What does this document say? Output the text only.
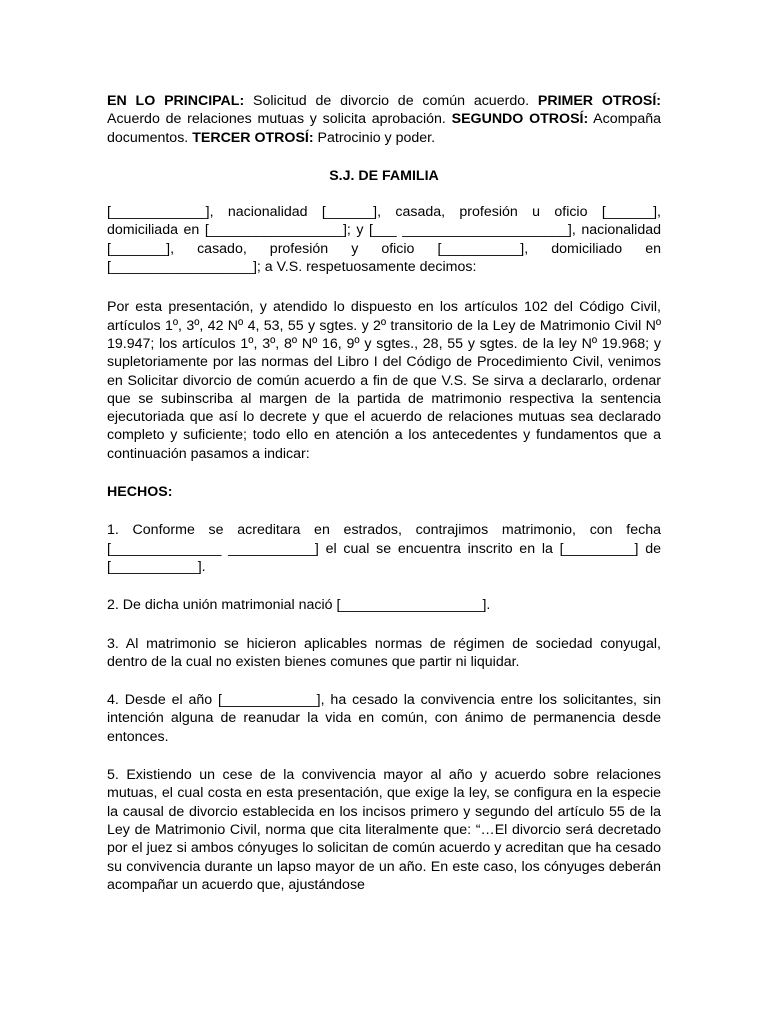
EN LO PRINCIPAL: Solicitud de divorcio de común acuerdo. PRIMER OTROSÍ: Acuerdo de relaciones mutuas y solicita aprobación. SEGUNDO OTROSÍ: Acompaña documentos. TERCER OTROSÍ: Patrocinio y poder.

S.J. DE FAMILIA

[____________], nacionalidad [______], casada, profesión u oficio [______], domiciliada en [_________________]; y [___ _____________________], nacionalidad [_______], casado, profesión y oficio [__________], domiciliado en [__________________]; a V.S. respetuosamente decimos:

Por esta presentación, y atendido lo dispuesto en los artículos 102 del Código Civil, artículos 1º, 3º, 42 Nº 4, 53, 55 y sgtes. y 2º transitorio de la Ley de Matrimonio Civil Nº 19.947; los artículos 1º, 3º, 8º Nº 16, 9º y sgtes., 28, 55 y sgtes. de la ley Nº 19.968; y supletoriamente por las normas del Libro I del Código de Procedimiento Civil, venimos en Solicitar divorcio de común acuerdo a fin de que V.S. Se sirva a declararlo, ordenar que se subinscriba al margen de la partida de matrimonio respectiva la sentencia ejecutoriada que así lo decrete y que el acuerdo de relaciones mutuas sea declarado completo y suficiente; todo ello en atención a los antecedentes y fundamentos que a continuación pasamos a indicar:

HECHOS:

1. Conforme se acreditara en estrados, contrajimos matrimonio, con fecha [______________ ___________] el cual se encuentra inscrito en la [_________] de [___________].

2. De dicha unión matrimonial nació [__________________].

3. Al matrimonio se hicieron aplicables normas de régimen de sociedad conyugal, dentro de la cual no existen bienes comunes que partir ni liquidar.

4. Desde el año [____________], ha cesado la convivencia entre los solicitantes, sin intención alguna de reanudar la vida en común, con ánimo de permanencia desde entonces.

5. Existiendo un cese de la convivencia mayor al año y acuerdo sobre relaciones mutuas, el cual costa en esta presentación, que exige la ley, se configura en la especie la causal de divorcio establecida en los incisos primero y segundo del artículo 55 de la Ley de Matrimonio Civil, norma que cita literalmente que: “…El divorcio será decretado por el juez si ambos cónyuges lo solicitan de común acuerdo y acreditan que ha cesado su convivencia durante un lapso mayor de un año. En este caso, los cónyuges deberán acompañar un acuerdo que, ajustándose
